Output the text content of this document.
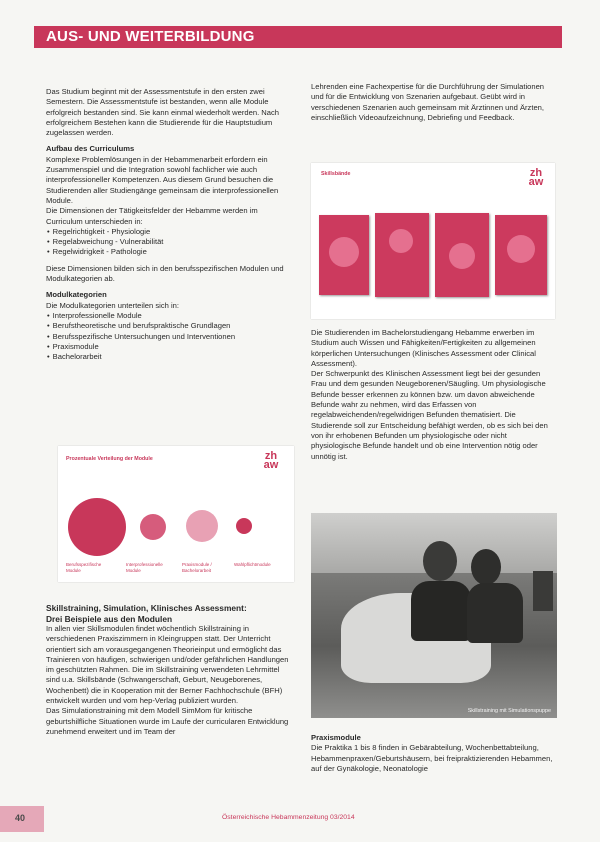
AUS- UND WEITERBILDUNG

Das Studium beginnt mit der Assessmentstufe in den ersten zwei Semestern. Die Assessmentstufe ist bestanden, wenn alle Module erfolgreich bestanden sind. Sie kann einmal wiederholt werden. Nach erfolgreichem Bestehen kann die Studierende für die Hauptstudium zugelassen werden.

Aufbau des Curriculums

Komplexe Problemlösungen in der Hebammenarbeit erfordern ein Zusammenspiel und die Integration sowohl fachlicher wie auch interprofessioneller Kompetenzen. Aus diesem Grund besuchen die Studierenden aller Studiengänge gemeinsam die interprofessionellen Module.

Die Dimensionen der Tätigkeitsfelder der Hebamme werden im Curriculum unterschieden in:

• Regelrichtigkeit - Physiologie
• Regelabweichung - Vulnerabilität
• Regelwidrigkeit - Pathologie

Diese Dimensionen bilden sich in den berufsspezifischen Modulen und Modulkategorien ab.

Modulkategorien

Die Modulkategorien unterteilen sich in:

• Interprofessionelle Module
• Berufstheoretische und berufspraktische Grundlagen
• Berufsspezifische Untersuchungen und Interventionen
• Praxismodule
• Bachelorarbeit
Prozentuale Verteilung der Module	zh
aw
Berufsspezifische Module
Interprofessionelle Module
Praxismodule / Bachelorarbeit
Wahlpflichtmodule

Skillstraining, Simulation, Klinisches Assessment:

Drei Beispiele aus den Modulen

In allen vier Skillsmodulen findet wöchentlich Skillstraining in verschiedenen Praxiszimmern in Kleingruppen statt. Der Unterricht orientiert sich am vorausgegangenen Theorieinput und ermöglicht das Trainieren von häufigen, schwierigen und/oder gefährlichen Handlungen im geschützten Rahmen. Die im Skillstraining verwendeten Lehrmittel sind u.a. Skillsbände (Schwangerschaft, Geburt, Neugeborenes, Wochenbett) die in Kooperation mit der Berner Fachhochschule (BFH) entwickelt wurden und vom hep-Verlag publiziert wurden.

Das Simulationstraining mit dem Modell SimMom für kritische geburtshilfliche Situationen wurde im Laufe der curricularen Entwicklung zunehmend erweitert und im Team der

Lehrenden eine Fachexpertise für die Durchführung der Simulationen und für die Entwicklung von Szenarien aufgebaut. Geübt wird in verschiedenen Szenarien auch gemeinsam mit Ärztinnen und Ärzten, einschließlich Videoaufzeichnung, Debriefing und Feedback.

Skillsbände	zh
aw

Die Studierenden im Bachelorstudiengang Hebamme erwerben im Studium auch Wissen und Fähigkeiten/Fertigkeiten zu allgemeinen körperlichen Untersuchungen (Klinisches Assessment oder Clinical Assessment).

Der Schwerpunkt des Klinischen Assessment liegt bei der gesunden Frau und dem gesunden Neugeborenen/Säugling. Um physiologische Befunde besser erkennen zu können bzw. um davon abweichende Befunde wahr zu nehmen, wird das Erfassen von regelabweichenden/regelwidrigen Befunden thematisiert. Die Studierende soll zur Entscheidung befähigt werden, ob es sich bei den von ihr erhobenen Befunden um physiologische oder nicht physiologische Befunde handelt und ob eine Intervention nötig oder unnötig ist.

Skillstraining mit Simulationspuppe

Praxismodule

Die Praktika 1 bis 8 finden in Gebärabteilung, Wochenbettabteilung, Hebammenpraxen/Geburtshäusern, bei freipraktizierenden Hebammen, auf der Gynäkologie, Neonatologie

40	Österreichische Hebammenzeitung 03/2014
